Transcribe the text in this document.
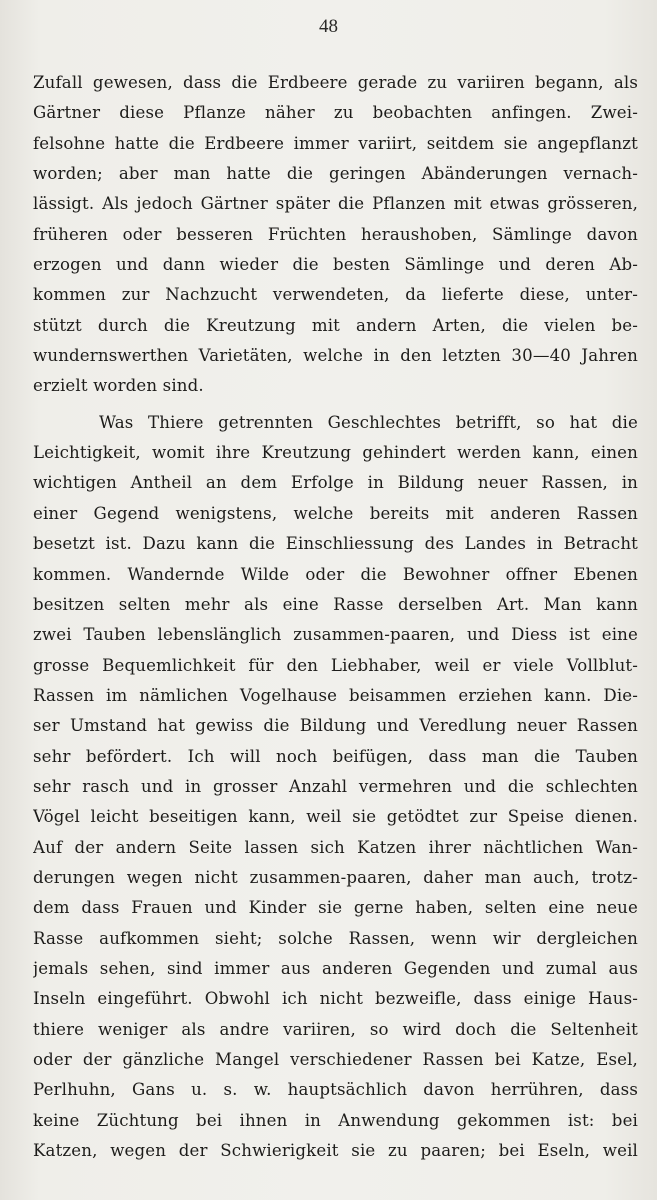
48
Zufall gewesen, dass die Erdbeere gerade zu variiren begann, als
Gärtner diese Pflanze näher zu beobachten anfingen. Zwei-
felsohne hatte die Erdbeere immer variirt, seitdem sie angepflanzt
worden; aber man hatte die geringen Abänderungen vernach-
lässigt. Als jedoch Gärtner später die Pflanzen mit etwas grösseren,
früheren oder besseren Früchten heraushoben, Sämlinge davon
erzogen und dann wieder die besten Sämlinge und deren Ab-
kommen zur Nachzucht verwendeten, da lieferte diese, unter-
stützt durch die Kreutzung mit andern Arten, die vielen be-
wundernswerthen Varietäten, welche in den letzten 30—40 Jahren
erzielt worden sind.
Was Thiere getrennten Geschlechtes betrifft, so hat die
Leichtigkeit, womit ihre Kreutzung gehindert werden kann, einen
wichtigen Antheil an dem Erfolge in Bildung neuer Rassen, in
einer Gegend wenigstens, welche bereits mit anderen Rassen
besetzt ist. Dazu kann die Einschliessung des Landes in Betracht
kommen. Wandernde Wilde oder die Bewohner offner Ebenen
besitzen selten mehr als eine Rasse derselben Art. Man kann
zwei Tauben lebenslänglich zusammen-paaren, und Diess ist eine
grosse Bequemlichkeit für den Liebhaber, weil er viele Vollblut-
Rassen im nämlichen Vogelhause beisammen erziehen kann. Die-
ser Umstand hat gewiss die Bildung und Veredlung neuer Rassen
sehr befördert. Ich will noch beifügen, dass man die Tauben
sehr rasch und in grosser Anzahl vermehren und die schlechten
Vögel leicht beseitigen kann, weil sie getödtet zur Speise dienen.
Auf der andern Seite lassen sich Katzen ihrer nächtlichen Wan-
derungen wegen nicht zusammen-paaren, daher man auch, trotz-
dem dass Frauen und Kinder sie gerne haben, selten eine neue
Rasse aufkommen sieht; solche Rassen, wenn wir dergleichen
jemals sehen, sind immer aus anderen Gegenden und zumal aus
Inseln eingeführt. Obwohl ich nicht bezweifle, dass einige Haus-
thiere weniger als andre variiren, so wird doch die Seltenheit
oder der gänzliche Mangel verschiedener Rassen bei Katze, Esel,
Perlhuhn, Gans u. s. w. hauptsächlich davon herrühren, dass
keine Züchtung bei ihnen in Anwendung gekommen ist: bei
Katzen, wegen der Schwierigkeit sie zu paaren; bei Eseln, weil
